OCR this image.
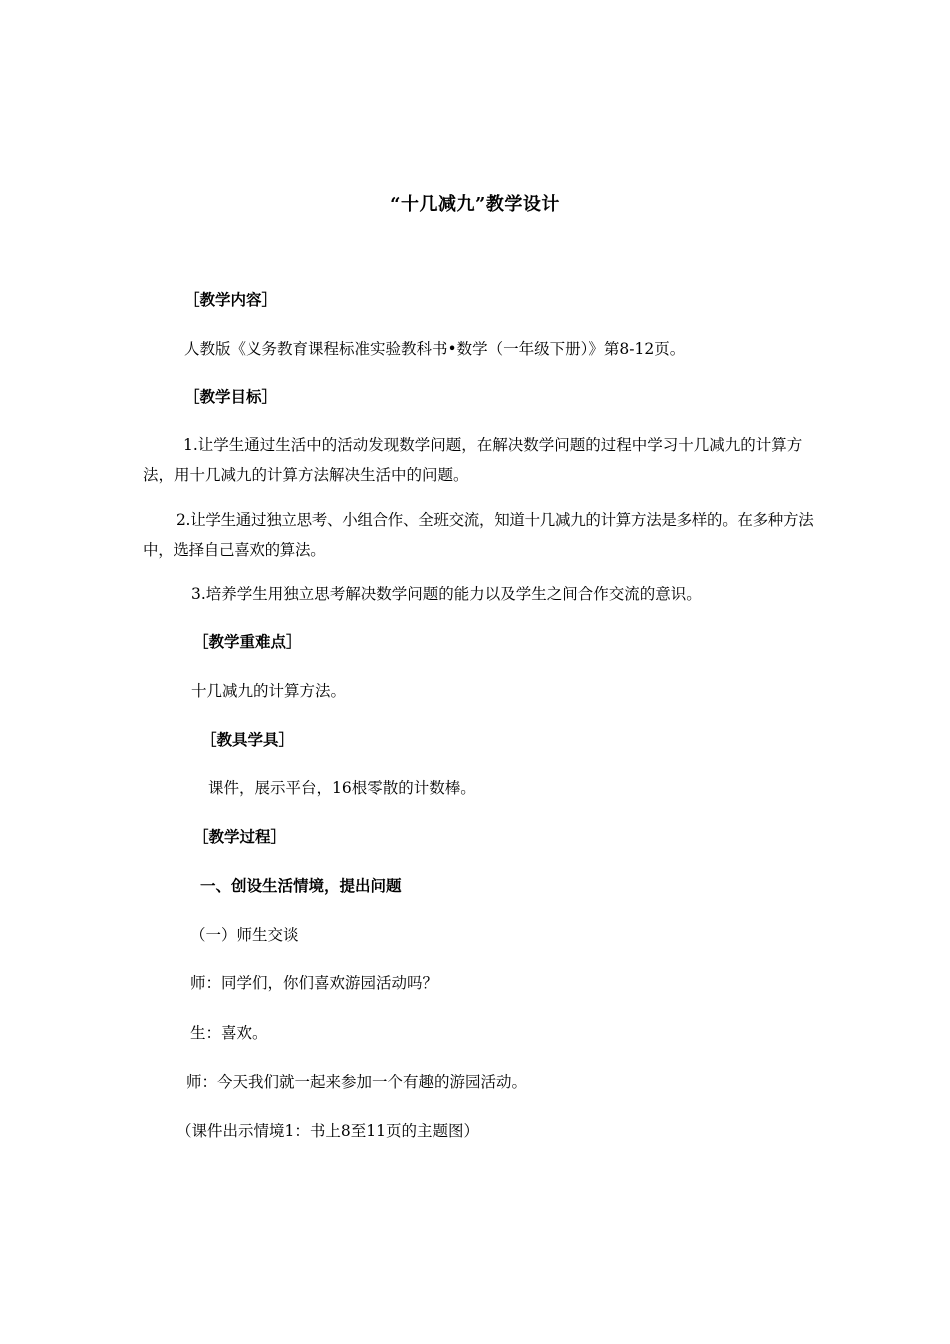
“十几减九”教学设计
［教学内容］
人教版《义务教育课程标准实验教科书•数学（一年级下册）》第8-12页。
［教学目标］
1.让学生通过生活中的活动发现数学问题，在解决数学问题的过程中学习十几减九的计算方法，用十几减九的计算方法解决生活中的问题。
2.让学生通过独立思考、小组合作、全班交流，知道十几减九的计算方法是多样的。在多种方法中，选择自己喜欢的算法。
3.培养学生用独立思考解决数学问题的能力以及学生之间合作交流的意识。
［教学重难点］
十几减九的计算方法。
［教具学具］
课件，展示平台，16根零散的计数棒。
［教学过程］
一、创设生活情境，提出问题
（一）师生交谈
师：同学们，你们喜欢游园活动吗？
生：喜欢。
师：今天我们就一起来参加一个有趣的游园活动。
（课件出示情境1：书上8至11页的主题图）
